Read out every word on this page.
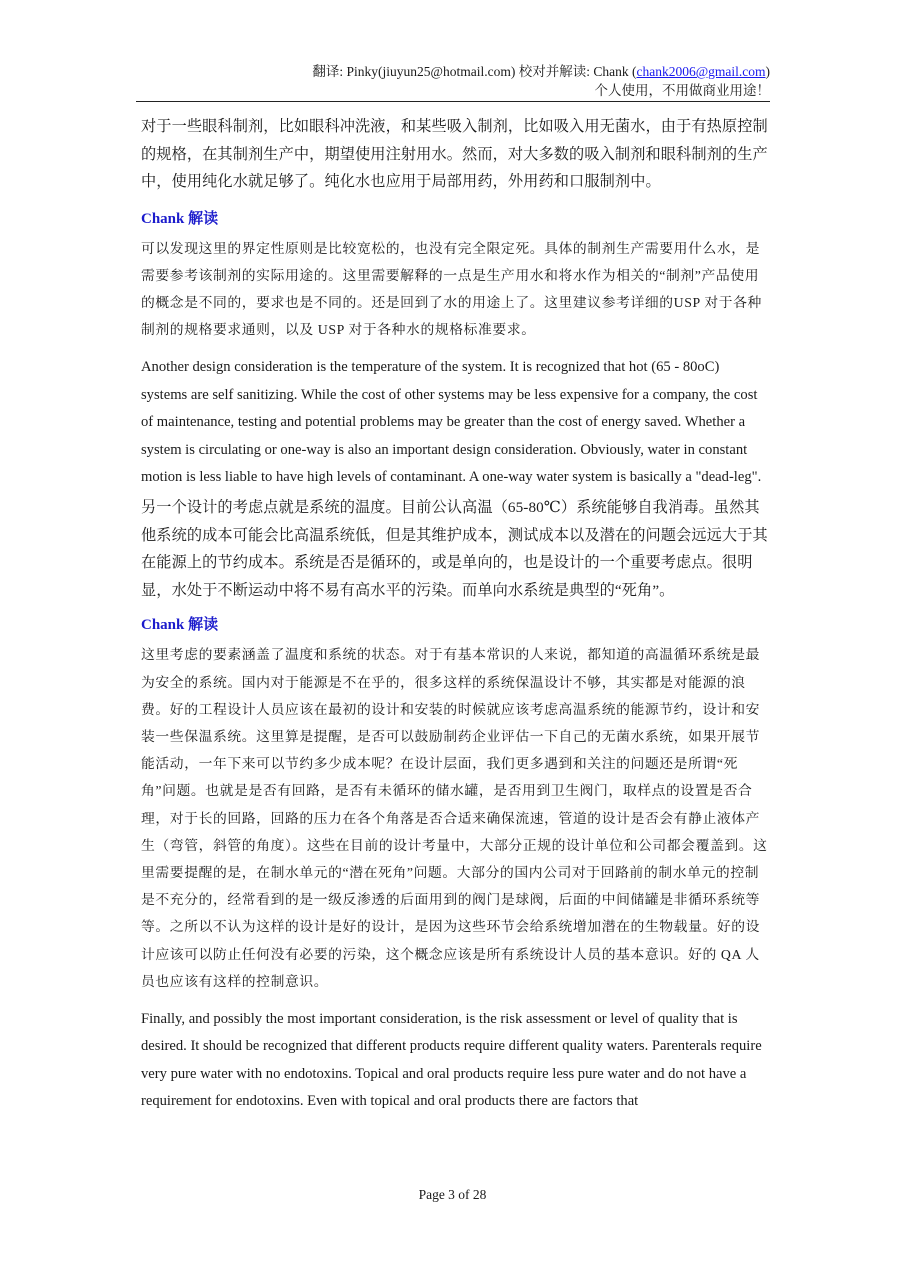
翻译: Pinky(jiuyun25@hotmail.com) 校对并解读: Chank (chank2006@gmail.com)
个人使用，不用做商业用途！

对于一些眼科制剂，比如眼科冲洗液，和某些吸入制剂，比如吸入用无菌水，由于有热原控制的规格，在其制剂生产中，期望使用注射用水。然而，对大多数的吸入制剂和眼科制剂的生产中，使用纯化水就足够了。纯化水也应用于局部用药，外用药和口服制剂中。

Chank 解读

可以发现这里的界定性原则是比较宽松的，也没有完全限定死。具体的制剂生产需要用什么水，是需要参考该制剂的实际用途的。这里需要解释的一点是生产用水和将水作为相关的“制剂”产品使用的概念是不同的，要求也是不同的。还是回到了水的用途上了。这里建议参考详细的USP 对于各种制剂的规格要求通则，以及 USP 对于各种水的规格标准要求。

Another design consideration is the temperature of the system. It is recognized that hot (65 - 80oC) systems are self sanitizing. While the cost of other systems may be less expensive for a company, the cost of maintenance, testing and potential problems may be greater than the cost of energy saved. Whether a system is circulating or one-way is also an important design consideration. Obviously, water in constant motion is less liable to have high levels of contaminant. A one-way water system is basically a "dead-leg".

另一个设计的考虑点就是系统的温度。目前公认高温（65-80℃）系统能够自我消毒。虽然其他系统的成本可能会比高温系统低，但是其维护成本，测试成本以及潜在的问题会远远大于其在能源上的节约成本。系统是否是循环的，或是单向的，也是设计的一个重要考虑点。很明显，水处于不断运动中将不易有高水平的污染。而单向水系统是典型的“死角”。

Chank 解读

这里考虑的要素涵盖了温度和系统的状态。对于有基本常识的人来说，都知道的高温循环系统是最为安全的系统。国内对于能源是不在乎的，很多这样的系统保温设计不够，其实都是对能源的浪费。好的工程设计人员应该在最初的设计和安装的时候就应该考虑高温系统的能源节约，设计和安装一些保温系统。这里算是提醒，是否可以鼓励制药企业评估一下自己的无菌水系统，如果开展节能活动，一年下来可以节约多少成本呢？在设计层面，我们更多遇到和关注的问题还是所谓“死角”问题。也就是是否有回路，是否有未循环的储水罐，是否用到卫生阀门，取样点的设置是否合理，对于长的回路，回路的压力在各个角落是否合适来确保流速，管道的设计是否会有静止液体产生（弯管，斜管的角度）。这些在目前的设计考量中，大部分正规的设计单位和公司都会覆盖到。这里需要提醒的是，在制水单元的“潜在死角”问题。大部分的国内公司对于回路前的制水单元的控制是不充分的，经常看到的是一级反渗透的后面用到的阀门是球阀，后面的中间储罐是非循环系统等等。之所以不认为这样的设计是好的设计，是因为这些环节会给系统增加潜在的生物载量。好的设计应该可以防止任何没有必要的污染，这个概念应该是所有系统设计人员的基本意识。好的 QA 人员也应该有这样的控制意识。

Finally, and possibly the most important consideration, is the risk assessment or level of quality that is desired. It should be recognized that different products require different quality waters. Parenterals require very pure water with no endotoxins. Topical and oral products require less pure water and do not have a requirement for endotoxins. Even with topical and oral products there are factors that

Page 3 of 28
